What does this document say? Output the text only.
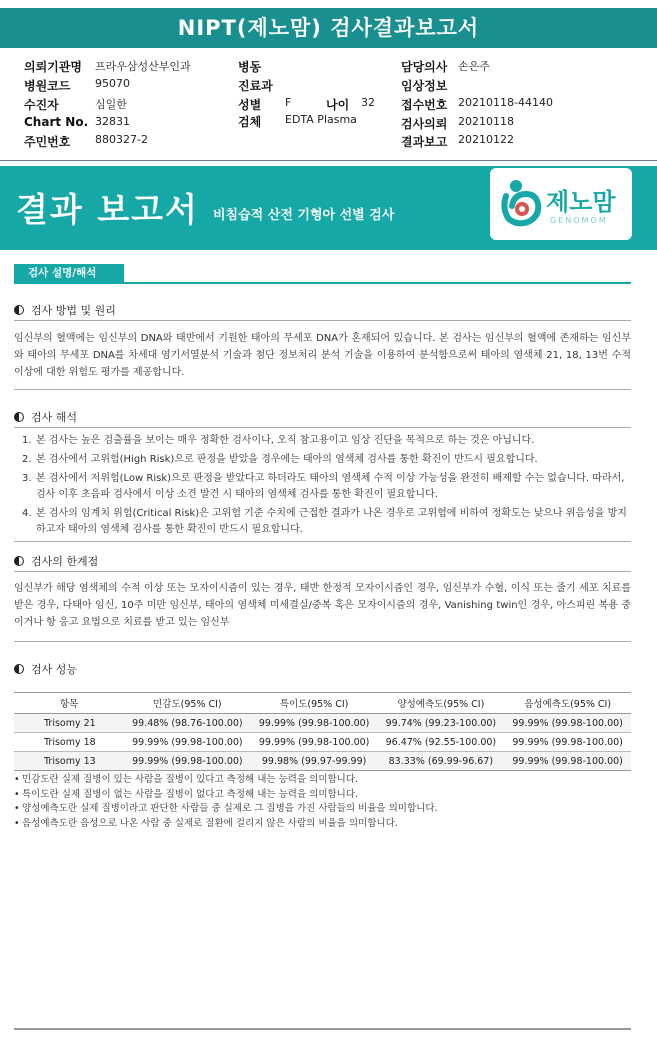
NIPT(제노맘) 검사결과보고서
의뢰기관명 프라우삼성산부인과
병원코드 95070
수진자	심일한
Chart No. 32831
주민번호 880327-2
병동
진료과
성별 F	나이 32
검체 EDTA Plasma
담당의사 손은주
임상정보
접수번호 20210118-44140
검사의뢰 20210118
결과보고 20210122
결과 보고서 비침습적 산전 기형아 선별 검사	제노맘
GENOMOM
검사 설명/해석
검사 방법 및 원리
임신부의 혈액에는 임신부의 DNA와 태반에서 기원한 태아의 무세포 DNA가 혼재되어 있습니다. 본 검사는 임신부의 혈액에 존재하는 임신부와 태아의 무세포 DNA를 차세대 염기서열분석 기술과 첨단 정보처리 분석 기술을 이용하여 분석함으로써 태아의 염색체 21, 18, 13번 수적 이상에 대한 위험도 평가를 제공합니다.
검사 해석
1. 본 검사는 높은 검출률을 보이는 매우 정확한 검사이나, 오직 참고용이고 임상 진단을 목적으로 하는 것은 아닙니다.
2. 본 검사에서 고위험(High Risk)으로 판정을 받았을 경우에는 태아의 염색체 검사를 통한 확진이 반드시 필요합니다.
3. 본 검사에서 저위험(Low Risk)으로 판정을 받았다고 하더라도 태아의 염색체 수적 이상 가능성을 완전히 배제할 수는 없습니다. 따라서, 검사 이후 초음파 검사에서 이상 소견 발견 시 태아의 염색체 검사를 통한 확진이 필요합니다.
4. 본 검사의 임계치 위험(Critical Risk)은 고위험 기준 수치에 근접한 결과가 나온 경우로 고위험에 비하여 정확도는 낮으나 위음성을 방지하고자 태아의 염색체 검사를 통한 확진이 반드시 필요합니다.
검사의 한계점
임신부가 해당 염색체의 수적 이상 또는 모자이시즘이 있는 경우, 태반 한정적 모자이시즘인 경우, 임신부가 수혈, 이식 또는 줄기 세포 치료를 받은 경우, 다태아 임신, 10주 미만 임신부, 태아의 염색체 미세결실/중복 혹은 모자이시즘의 경우, Vanishing twin인 경우, 아스피린 복용 중이거나 항 응고 요법으로 치료를 받고 있는 임신부
검사 성능
항목	민감도(95% CI)	특이도(95% CI)	양성예측도(95% CI)	음성예측도(95% CI)
Trisomy 21	99.48% (98.76-100.00)	99.99% (99.98-100.00)	99.74% (99.23-100.00)	99.99% (99.98-100.00)
Trisomy 18	99.99% (99.98-100.00)	99.99% (99.98-100.00)	96.47% (92.55-100.00)	99.99% (99.98-100.00)
Trisomy 13	99.99% (99.98-100.00)	99.98% (99.97-99.99)	83.33% (69.99-96.67)	99.99% (99.98-100.00)
• 민감도란 실제 질병이 있는 사람을 질병이 있다고 측정해 내는 능력을 의미합니다.
• 특이도란 실제 질병이 없는 사람을 질병이 없다고 측정해 내는 능력을 의미합니다.
• 양성예측도란 실제 질병이라고 판단한 사람들 중 실제로 그 질병을 가진 사람들의 비율을 의미합니다.
• 음성예측도란 음성으로 나온 사람 중 실제로 질환에 걸리지 않은 사람의 비율을 의미합니다.
